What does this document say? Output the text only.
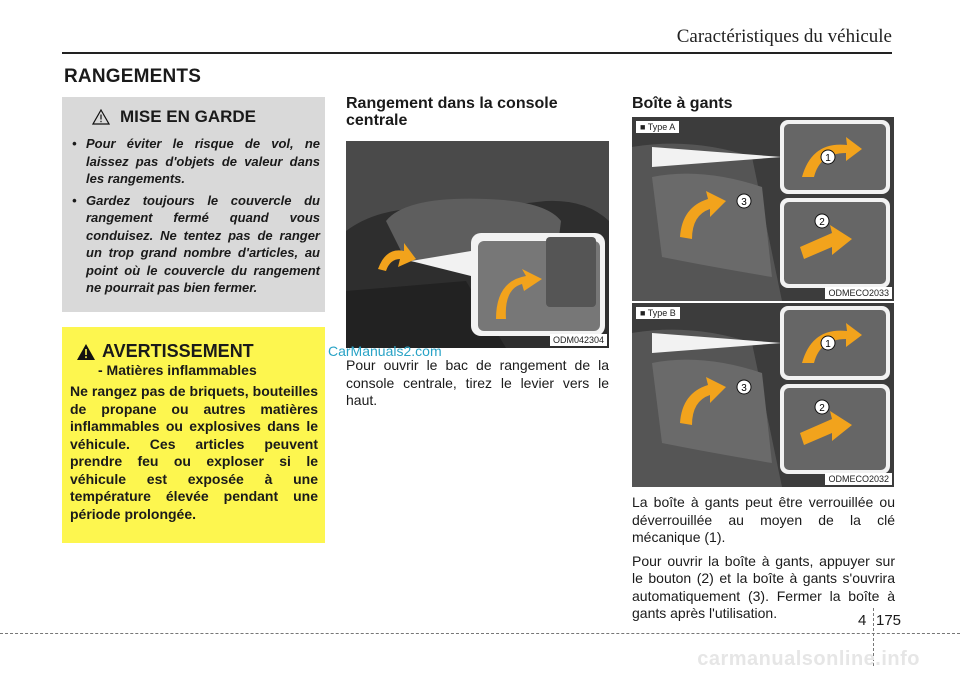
Caractéristiques du véhicule
RANGEMENTS
MISE EN GARDE
• Pour éviter le risque de vol, ne laissez pas d'objets de valeur dans les rangements.
• Gardez toujours le couvercle du rangement fermé quand vous conduisez. Ne tentez pas de ranger un trop grand nombre d'articles, au point où le couvercle du rangement ne pourrait pas bien fermer.
AVERTISSEMENT
- Matières inflammables
Ne rangez pas de briquets, bouteilles de propane ou autres matières inflammables ou explosives dans le véhicule. Ces articles peuvent prendre feu ou exploser si le véhicule est exposée à une température élevée pendant une période prolongée.
Rangement dans la console centrale
ODM042304
CarManuals2.com
Pour ouvrir le bac de rangement de la console centrale, tirez le levier vers le haut.
Boîte à gants
1
2
3
■ Type A
ODMECO2033
1
2
3
■ Type B
ODMECO2032

La boîte à gants peut être verrouillée ou déverrouillée au moyen de la clé mécanique (1).

Pour ouvrir la boîte à gants, appuyer sur le bouton (2) et la boîte à gants s'ouvrira automatiquement (3). Fermer la boîte à gants après l'utilisation.	4 175
carmanualsonline.info
